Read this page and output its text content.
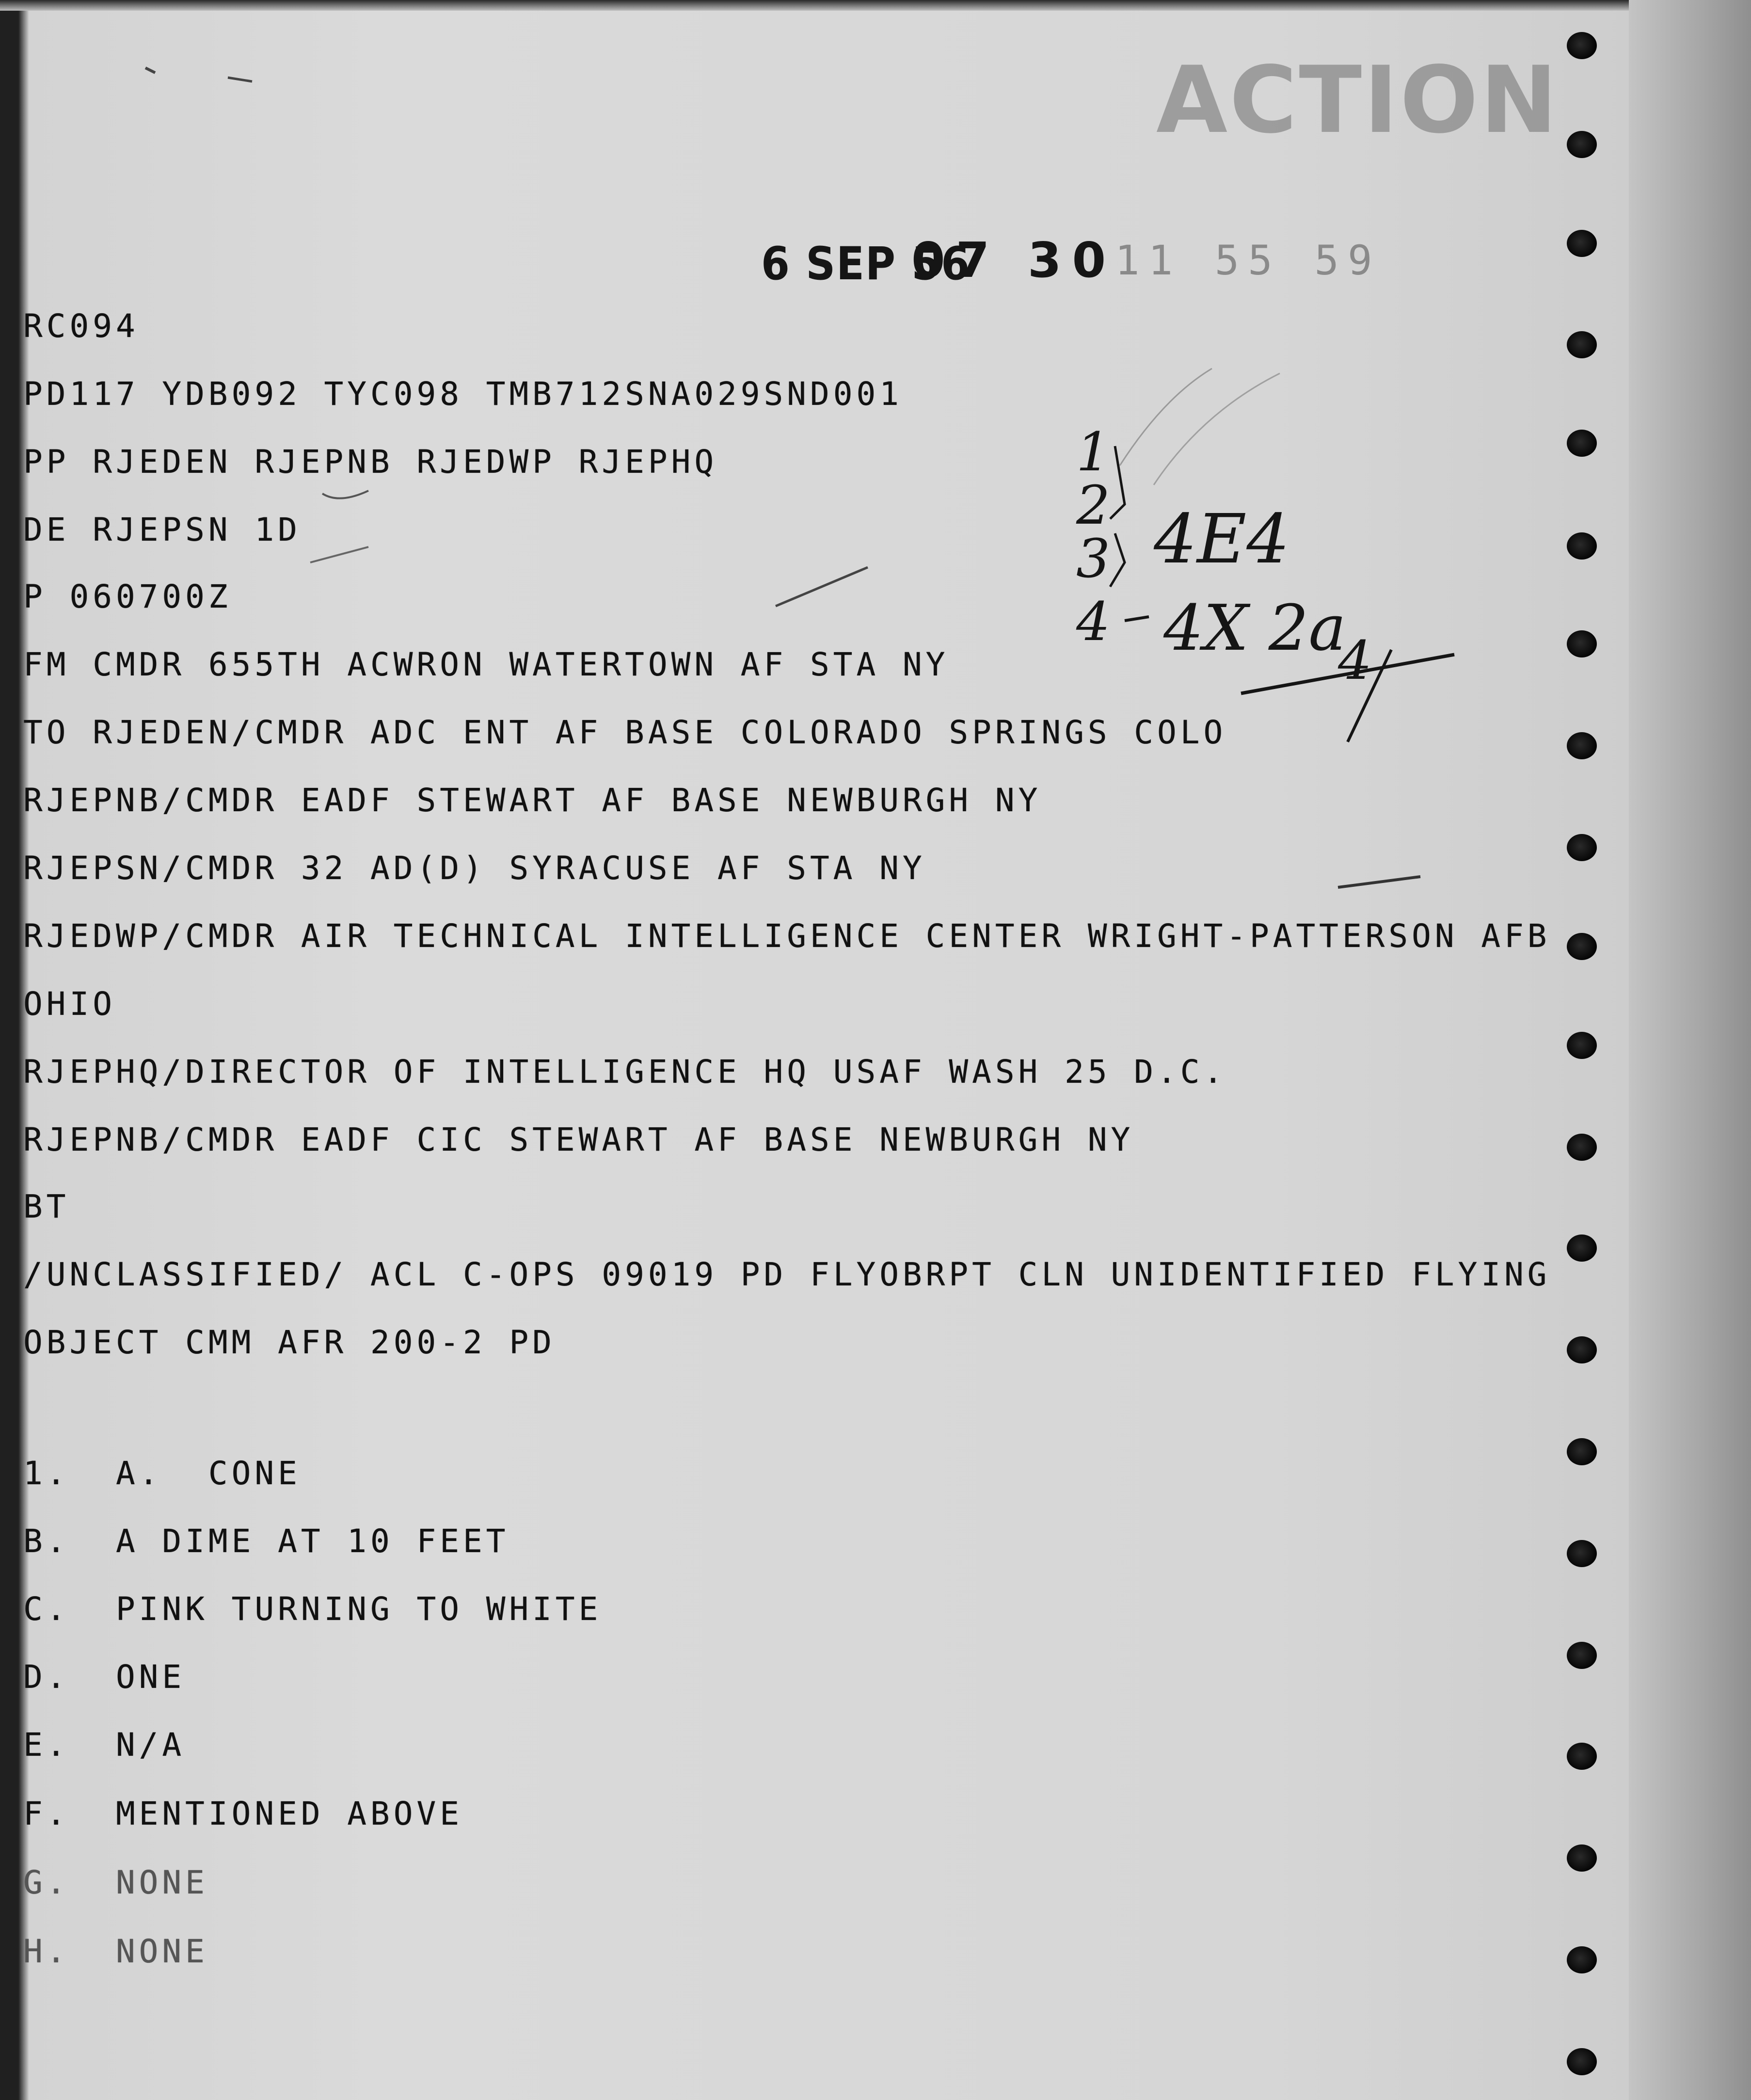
ACTION
6 SEP 56
07 30
11 55 59
RC094
PD117 YDB092 TYC098 TMB712SNA029SND001
PP RJEDEN RJEPNB RJEDWP RJEPHQ
DE RJEPSN 1D
P 060700Z
FM CMDR 655TH ACWRON WATERTOWN AF STA NY
TO RJEDEN/CMDR ADC ENT AF BASE COLORADO SPRINGS COLO
RJEPNB/CMDR EADF STEWART AF BASE NEWBURGH NY
RJEPSN/CMDR 32 AD(D) SYRACUSE AF STA NY
RJEDWP/CMDR AIR TECHNICAL INTELLIGENCE CENTER WRIGHT-PATTERSON AFB
OHIO
RJEPHQ/DIRECTOR OF INTELLIGENCE HQ USAF WASH 25 D.C.
RJEPNB/CMDR EADF CIC STEWART AF BASE NEWBURGH NY
BT
/UNCLASSIFIED/ ACL C-OPS 09019 PD FLYOBRPT CLN UNIDENTIFIED FLYING
OBJECT CMM AFR 200-2 PD
1.  A.  CONE
B.  A DIME AT 10 FEET
C.  PINK TURNING TO WHITE
D.  ONE
E.  N/A
F.  MENTIONED ABOVE
G.  NONE
H.  NONE
1
2
3
4
4E4
4X 2a
4
